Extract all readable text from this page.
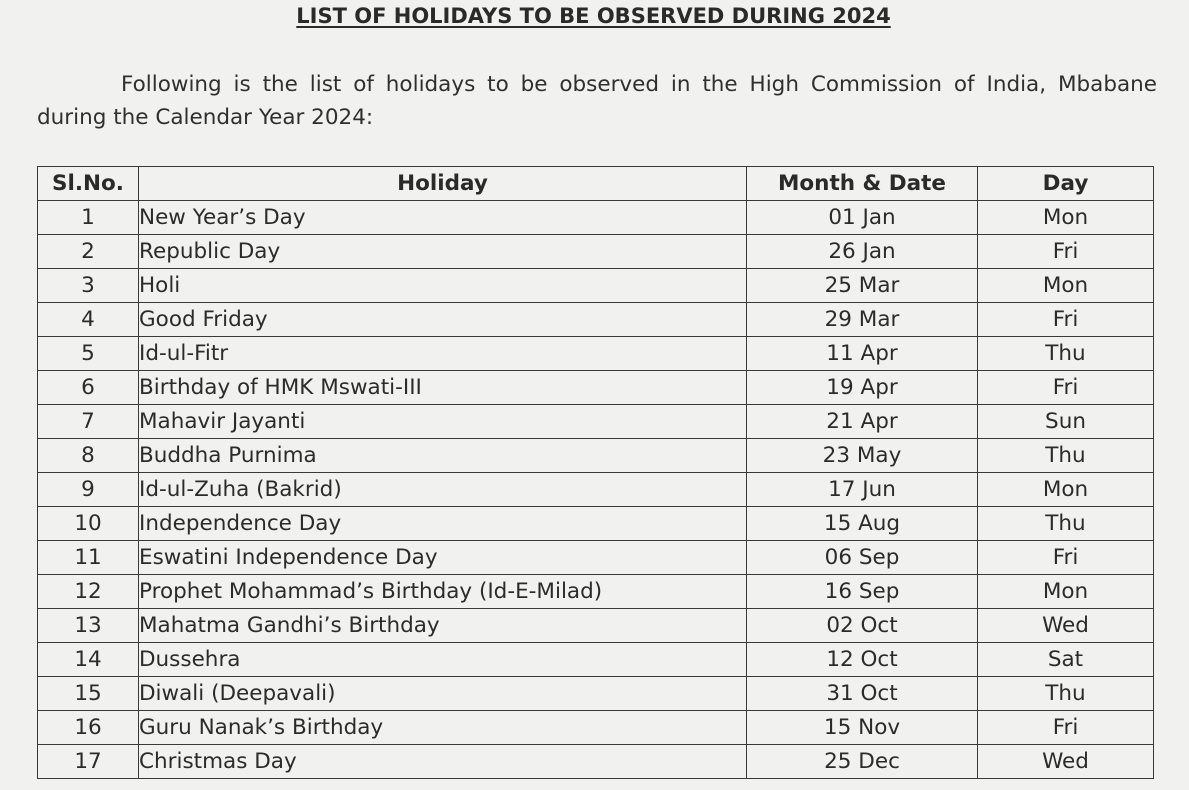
LIST OF HOLIDAYS TO BE OBSERVED DURING 2024
Following is the list of holidays to be observed in the High Commission of India, Mbabane during the Calendar Year 2024:
Sl.No.	Holiday	Month & Date	Day
1	New Year’s Day	01 Jan	Mon
2	Republic Day	26 Jan	Fri
3	Holi	25 Mar	Mon
4	Good Friday	29 Mar	Fri
5	Id-ul-Fitr	11 Apr	Thu
6	Birthday of HMK Mswati-III	19 Apr	Fri
7	Mahavir Jayanti	21 Apr	Sun
8	Buddha Purnima	23 May	Thu
9	Id-ul-Zuha (Bakrid)	17 Jun	Mon
10	Independence Day	15 Aug	Thu
11	Eswatini Independence Day	06 Sep	Fri
12	Prophet Mohammad’s Birthday (Id-E-Milad)	16 Sep	Mon
13	Mahatma Gandhi’s Birthday	02 Oct	Wed
14	Dussehra	12 Oct	Sat
15	Diwali (Deepavali)	31 Oct	Thu
16	Guru Nanak’s Birthday	15 Nov	Fri
17	Christmas Day	25 Dec	Wed
